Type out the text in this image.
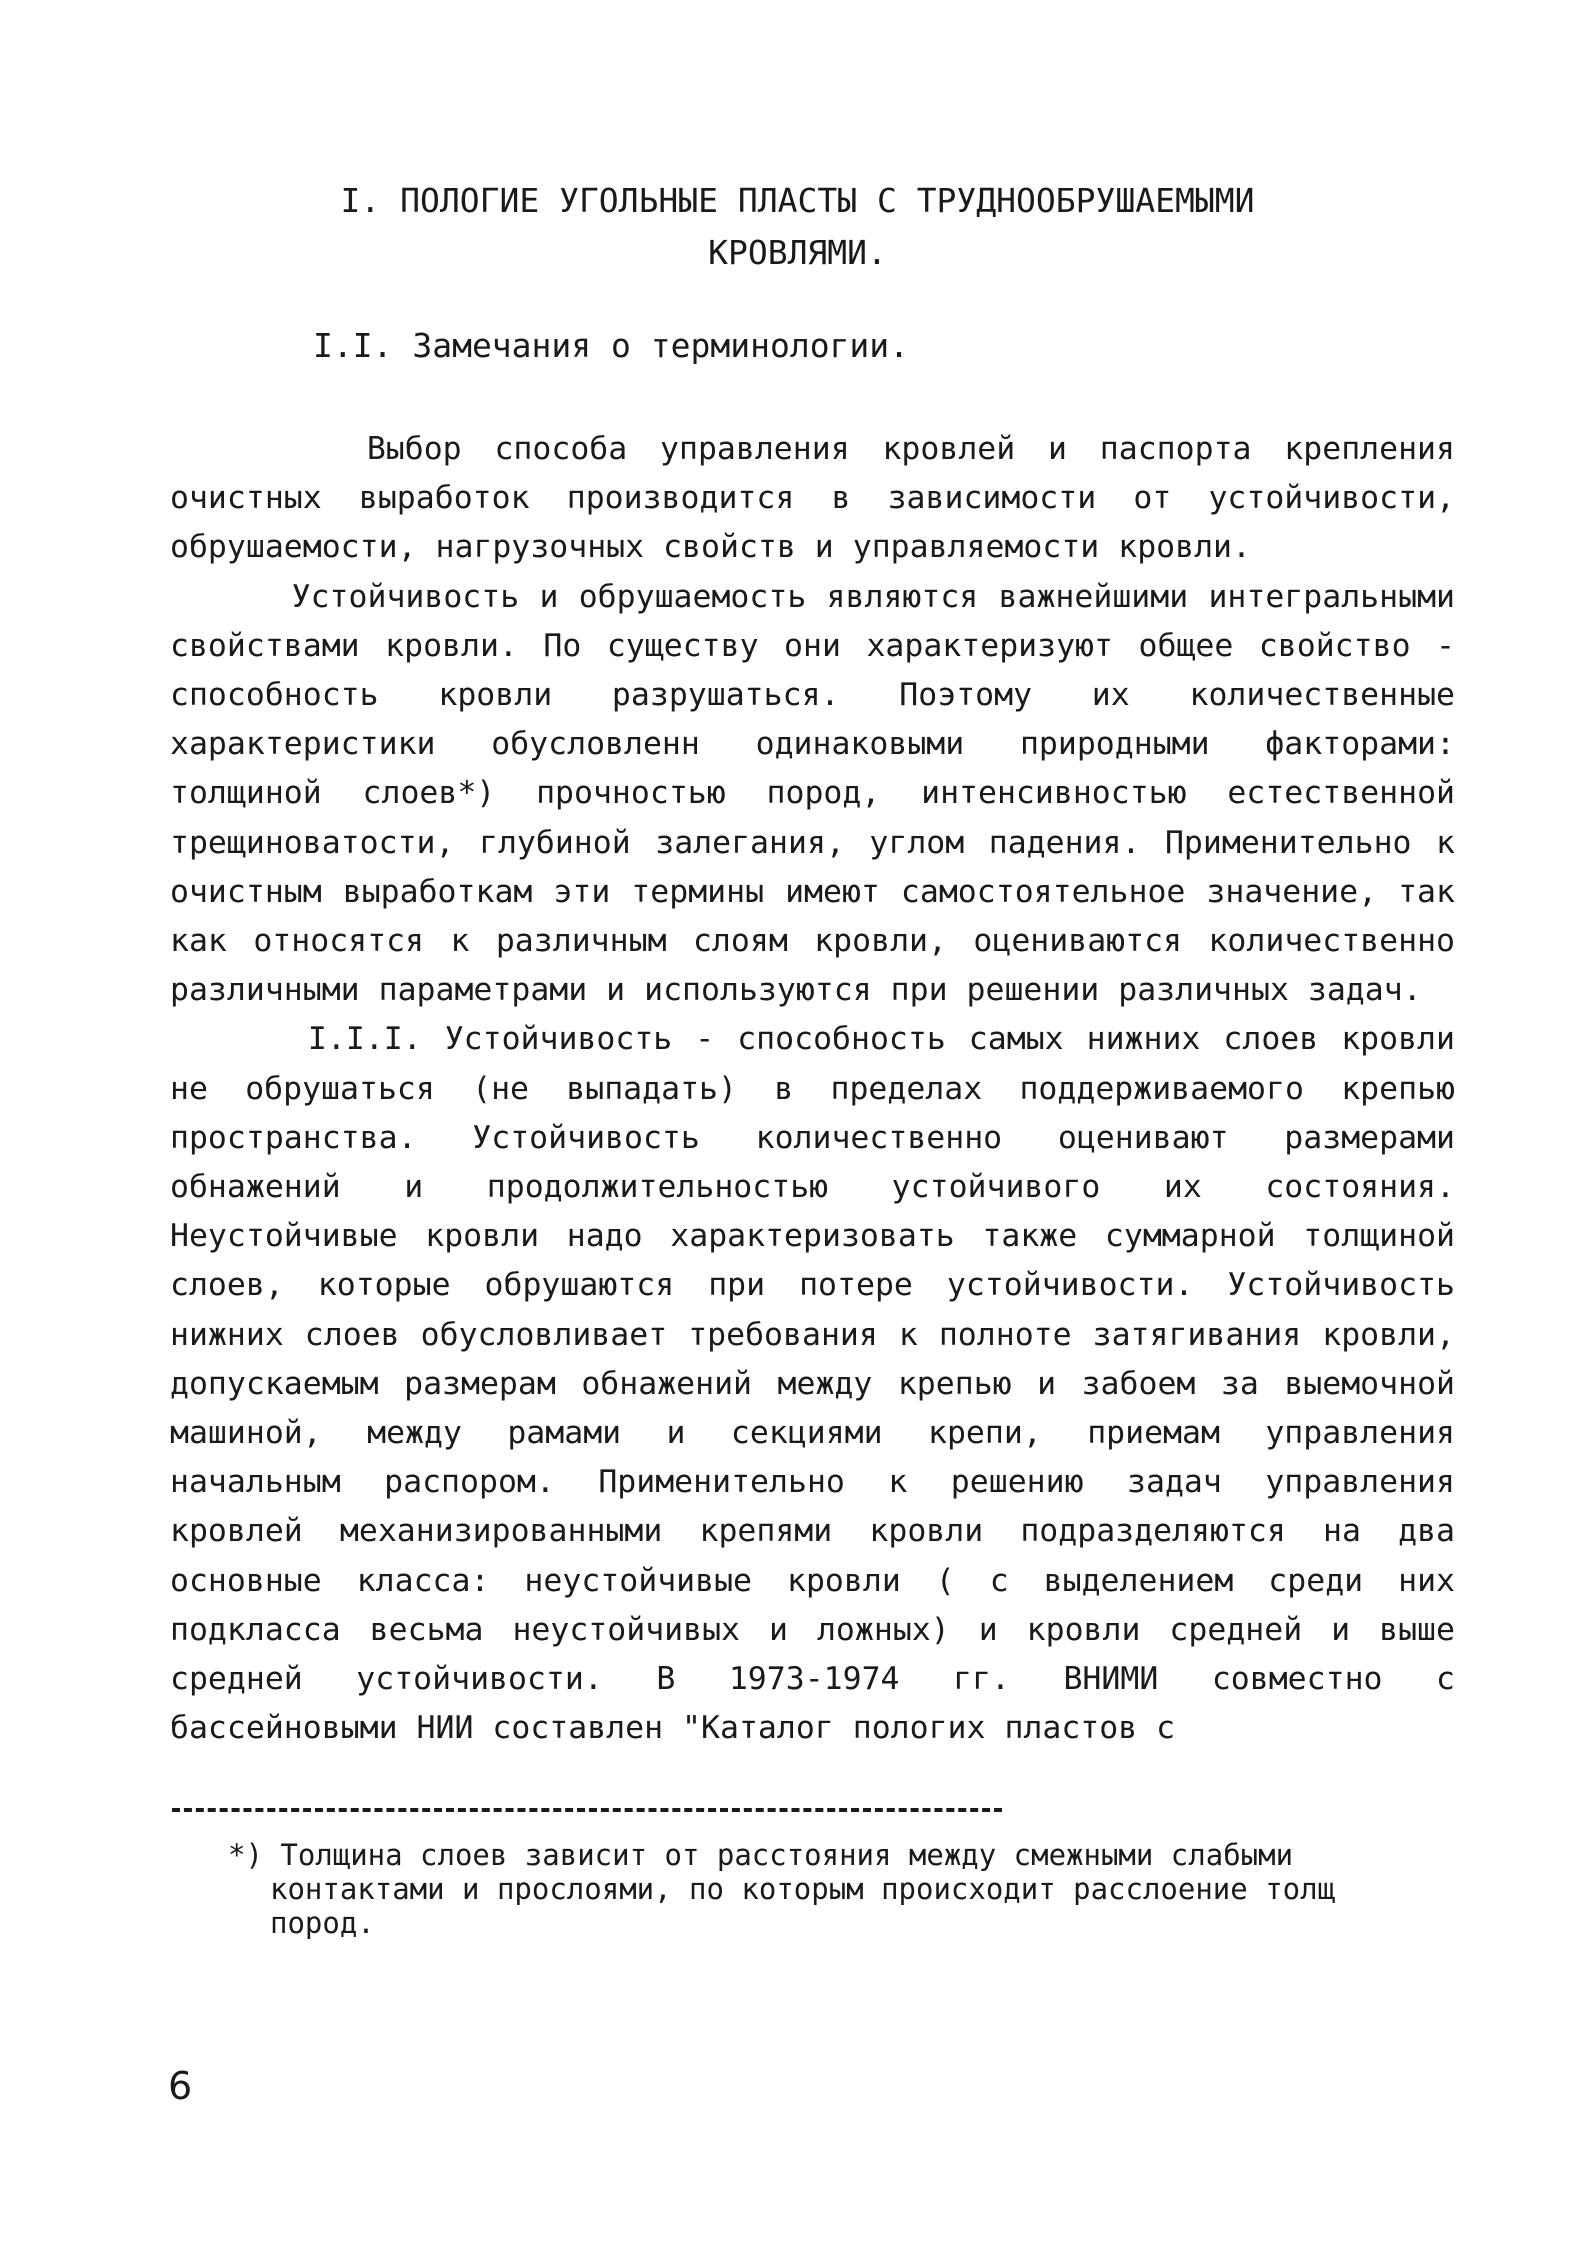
I. ПОЛОГИЕ УГОЛЬНЫЕ ПЛАСТЫ С ТРУДНООБРУШАЕМЫМИ
КРОВЛЯМИ.
I.I. Замечания о терминологии.

Выбор способа управления кровлей и паспорта крепления очистных выработок производится в зависимости от устойчивости, обрушаемости, нагрузочных свойств и управляемости кровли.

Устойчивость и обрушаемость являются важнейшими интегральными свойствами кровли. По существу они характеризуют общее свойство - способность кровли разрушаться. Поэтому их количественные характеристики обусловленн одинаковыми природными факторами: толщиной слоев*) прочностью пород, интенсивностью естественной трещиноватости, глубиной залегания, углом падения. Применительно к очистным выработкам эти термины имеют самостоятельное значение, так как относятся к различным слоям кровли, оцениваются количественно различными параметрами и используются при решении различных задач.

I.I.I. Устойчивость - способность самых нижних слоев кровли не обрушаться (не выпадать) в пределах поддерживаемого крепью пространства. Устойчивость количественно оценивают размерами обнажений и продолжительностью устойчивого их состояния. Неустойчивые кровли надо характеризовать также суммарной толщиной слоев, которые обрушаются при потере устойчивости. Устойчивость нижних слоев обусловливает требования к полноте затягивания кровли, допускаемым размерам обнажений между крепью и забоем за выемочной машиной, между рамами и секциями крепи, приемам управления начальным распором. Применительно к решению задач управления кровлей механизированными крепями кровли подразделяются на два основные класса: неустойчивые кровли ( с выделением среди них подкласса весьма неустойчивых и ложных) и кровли средней и выше средней устойчивости. В 1973-1974 гг. ВНИМИ совместно с бассейновыми НИИ составлен "Каталог пологих пластов с

*) Толщина слоев зависит от расстояния между смежными слабыми контактами и прослоями, по которым происходит расслоение толщ пород.

6
